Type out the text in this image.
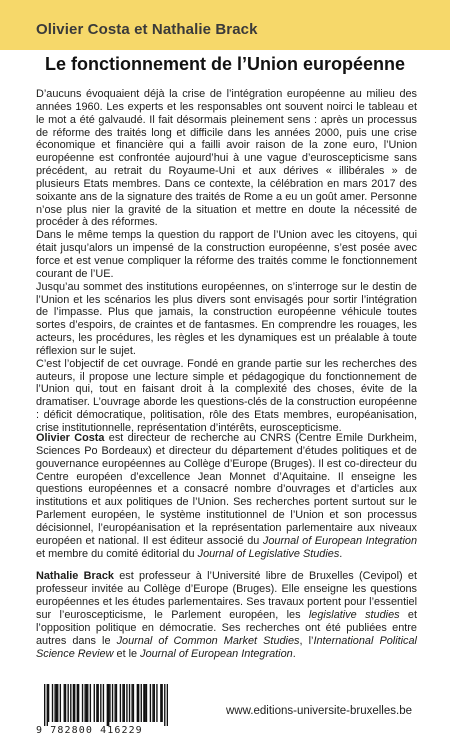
Olivier Costa et Nathalie Brack
Le fonctionnement de l’Union européenne

D’aucuns évoquaient déjà la crise de l’intégration européenne au milieu des années 1960. Les experts et les responsables ont souvent noirci le tableau et le mot a été galvaudé. Il fait désormais pleinement sens : après un processus de réforme des traités long et difficile dans les années 2000, puis une crise économique et financière qui a failli avoir raison de la zone euro, l’Union européenne est confrontée aujourd’hui à une vague d’euroscepticisme sans précédent, au retrait du Royaume-Uni et aux dérives « illibérales » de plusieurs Etats membres. Dans ce contexte, la célébration en mars 2017 des soixante ans de la signature des traités de Rome a eu un goût amer. Personne n’ose plus nier la gravité de la situation et mettre en doute la nécessité de procéder à des réformes.

Dans le même temps la question du rapport de l’Union avec les citoyens, qui était jusqu’alors un impensé de la construction européenne, s’est posée avec force et est venue compliquer la réforme des traités comme le fonctionnement courant de l’UE.

Jusqu’au sommet des institutions européennes, on s’interroge sur le destin de l’Union et les scénarios les plus divers sont envisagés pour sortir l’intégration de l’impasse. Plus que jamais, la construction européenne véhicule toutes sortes d’espoirs, de craintes et de fantasmes. En comprendre les rouages, les acteurs, les procédures, les règles et les dynamiques est un préalable à toute réflexion sur le sujet.

C’est l’objectif de cet ouvrage. Fondé en grande partie sur les recherches des auteurs, il propose une lecture simple et pédagogique du fonctionnement de l’Union qui, tout en faisant droit à la complexité des choses, évite de la dramatiser. L’ouvrage aborde les questions-clés de la construction européenne : déficit démocratique, politisation, rôle des Etats membres, européanisation, crise institutionnelle, représentation d’intérêts, euroscepticisme.

Olivier Costa est directeur de recherche au CNRS (Centre Emile Durkheim, Sciences Po Bordeaux) et directeur du département d’études politiques et de gouvernance européennes au Collège d’Europe (Bruges). Il est co-directeur du Centre européen d’excellence Jean Monnet d’Aquitaine. Il enseigne les questions européennes et a consacré nombre d’ouvrages et d’articles aux institutions et aux politiques de l’Union. Ses recherches portent surtout sur le Parlement européen, le système institutionnel de l’Union et son processus décisionnel, l’européanisation et la représentation parlementaire aux niveaux européen et national. Il est éditeur associé du Journal of European Integration et membre du comité éditorial du Journal of Legislative Studies.

Nathalie Brack est professeur à l’Université libre de Bruxelles (Cevipol) et professeur invitée au Collège d’Europe (Bruges). Elle enseigne les questions européennes et les études parlementaires. Ses travaux portent pour l’essentiel sur l’euroscepticisme, le Parlement européen, les legislative studies et l’opposition politique en démocratie. Ses recherches ont été publiées entre autres dans le Journal of Common Market Studies, l’International Political Science Review et le Journal of European Integration.

9 782800 416229
www.editions-universite-bruxelles.be
